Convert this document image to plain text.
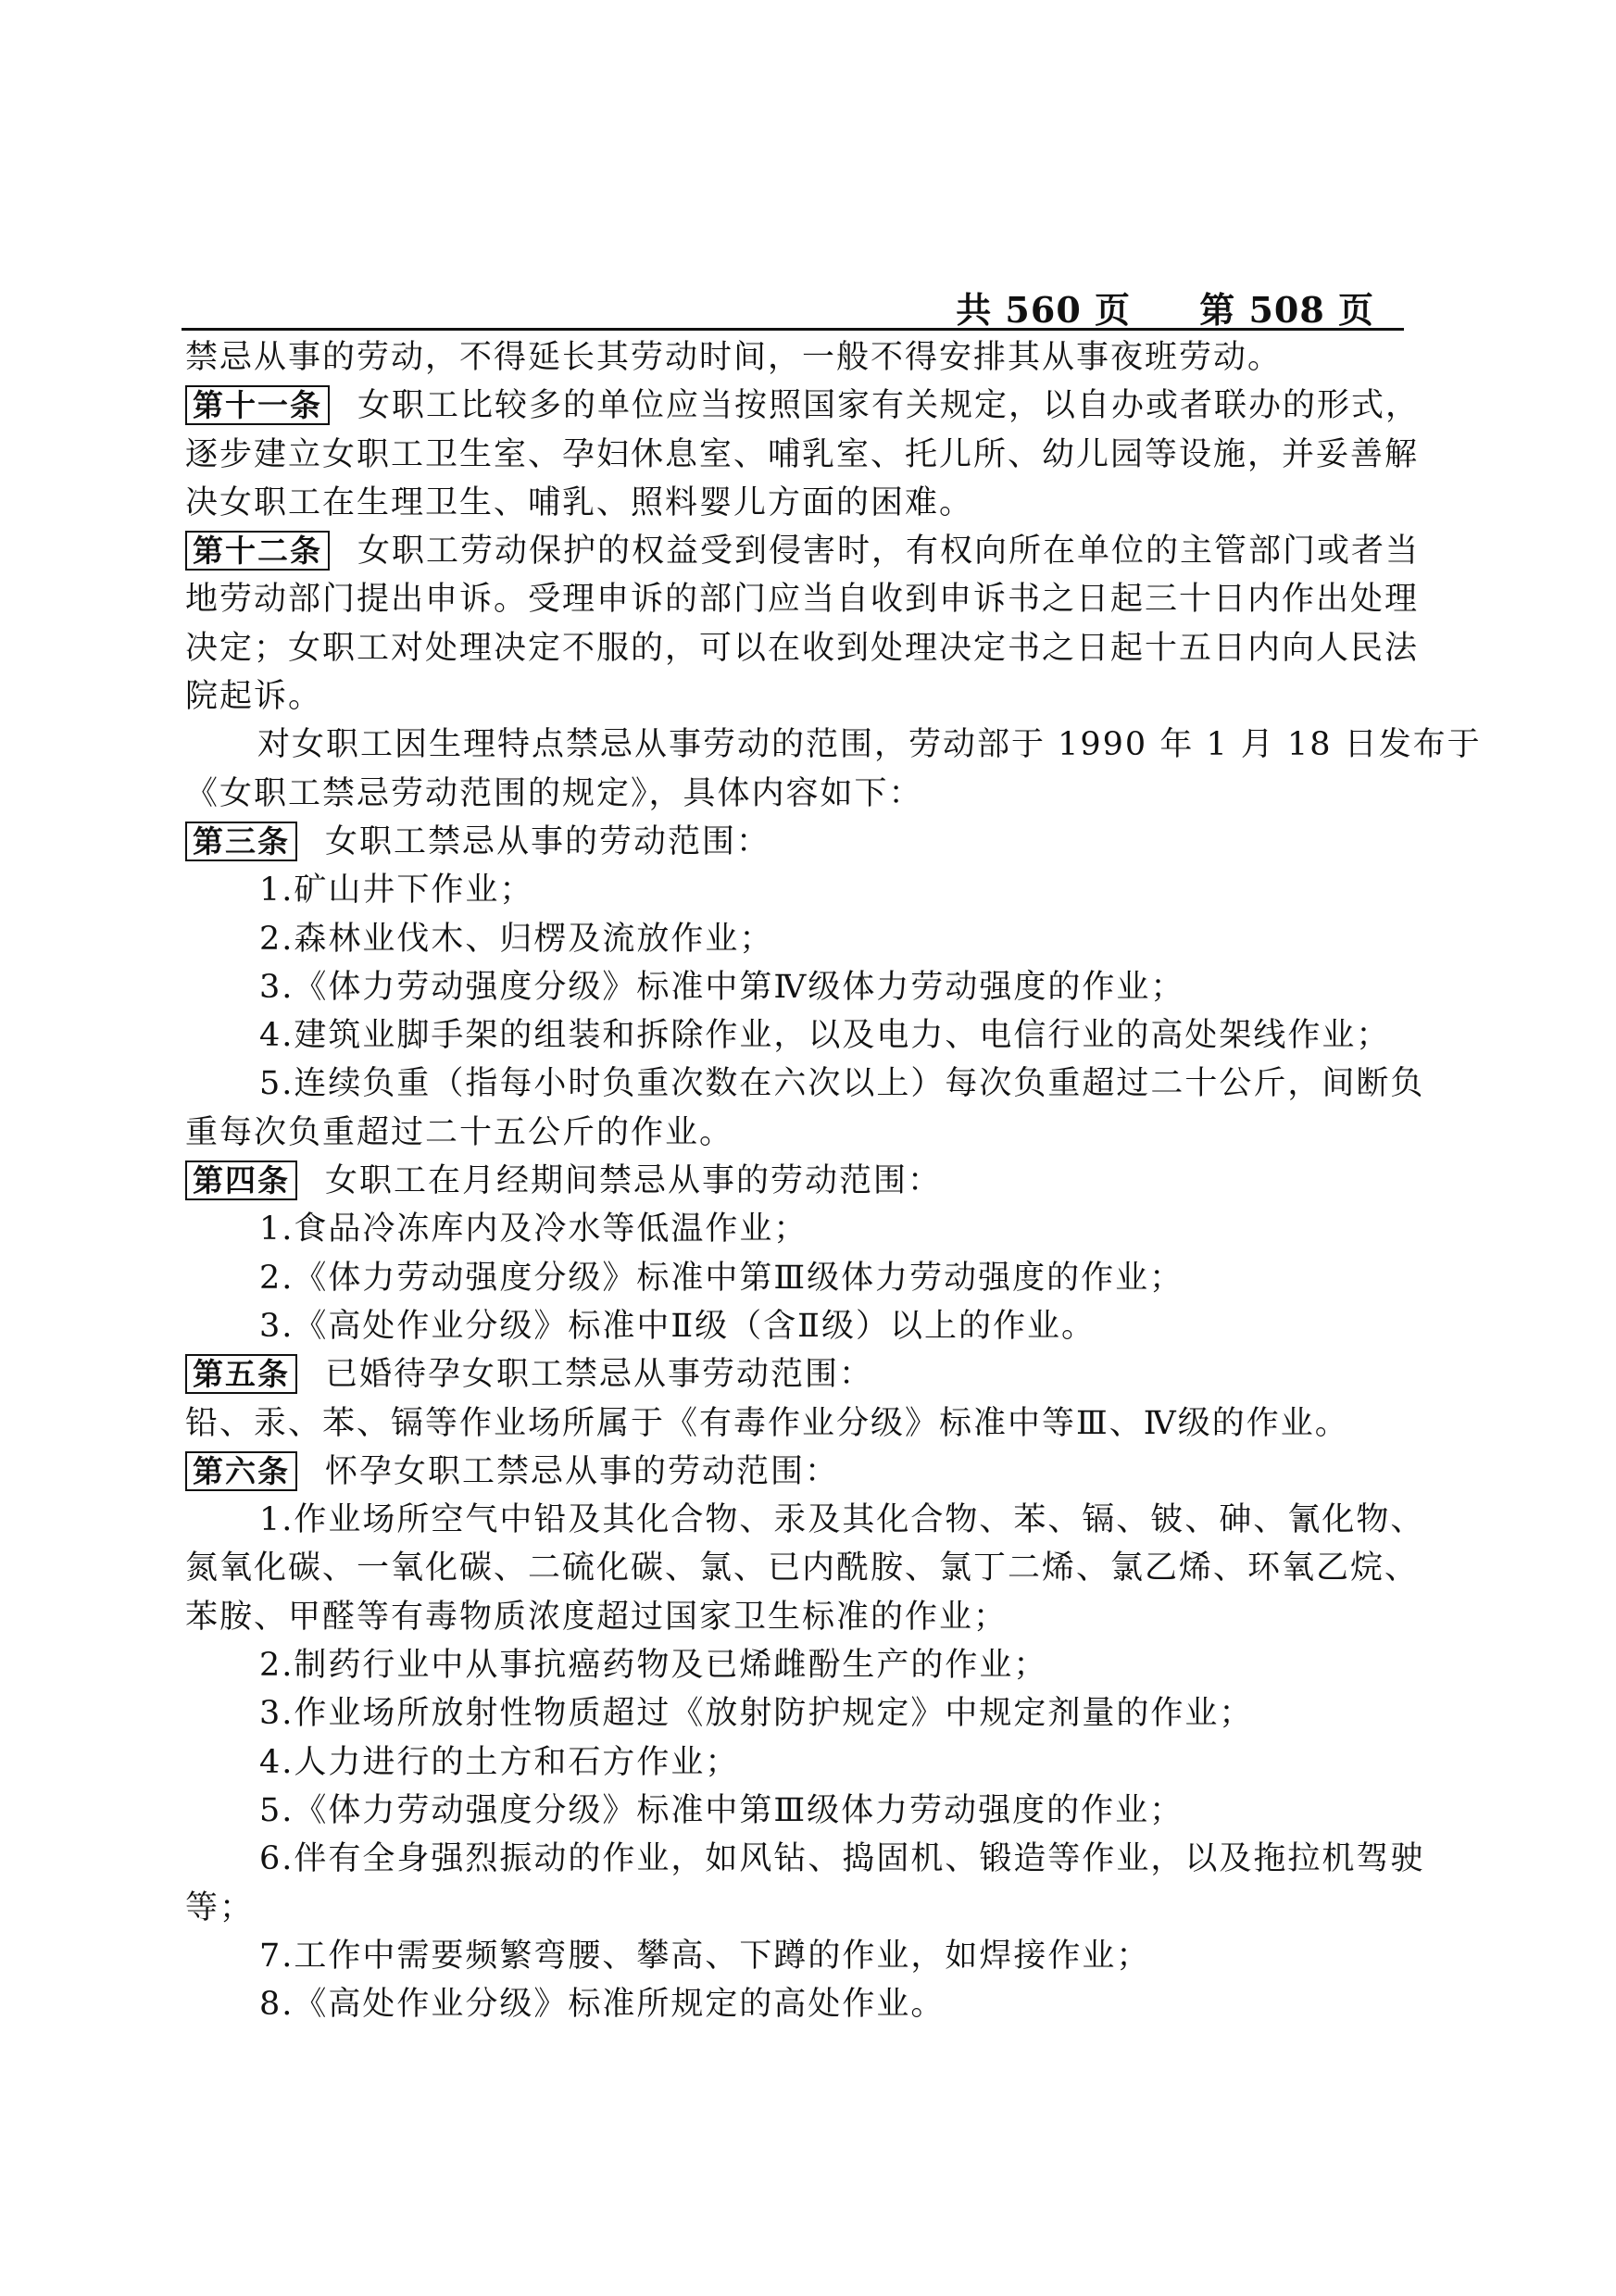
共 560 页 第 508 页
禁忌从事的劳动，不得延长其劳动时间，一般不得安排其从事夜班劳动。
第十一条 女职工比较多的单位应当按照国家有关规定，以自办或者联办的形式，
逐步建立女职工卫生室、孕妇休息室、哺乳室、托儿所、幼儿园等设施，并妥善解
决女职工在生理卫生、哺乳、照料婴儿方面的困难。
第十二条 女职工劳动保护的权益受到侵害时，有权向所在单位的主管部门或者当
地劳动部门提出申诉。受理申诉的部门应当自收到申诉书之日起三十日内作出处理
决定；女职工对处理决定不服的，可以在收到处理决定书之日起十五日内向人民法
院起诉。
对女职工因生理特点禁忌从事劳动的范围，劳动部于 1990 年 1 月 18 日发布于
《女职工禁忌劳动范围的规定》，具体内容如下：
第三条 女职工禁忌从事的劳动范围：
1.矿山井下作业；
2.森林业伐木、归楞及流放作业；
3.《体力劳动强度分级》标准中第Ⅳ级体力劳动强度的作业；
4.建筑业脚手架的组装和拆除作业，以及电力、电信行业的高处架线作业；
5.连续负重（指每小时负重次数在六次以上）每次负重超过二十公斤，间断负
重每次负重超过二十五公斤的作业。
第四条 女职工在月经期间禁忌从事的劳动范围：
1.食品冷冻库内及冷水等低温作业；
2.《体力劳动强度分级》标准中第Ⅲ级体力劳动强度的作业；
3.《高处作业分级》标准中Ⅱ级（含Ⅱ级）以上的作业。
第五条 已婚待孕女职工禁忌从事劳动范围：
铅、汞、苯、镉等作业场所属于《有毒作业分级》标准中等Ⅲ、Ⅳ级的作业。
第六条 怀孕女职工禁忌从事的劳动范围：
1.作业场所空气中铅及其化合物、汞及其化合物、苯、镉、铍、砷、氰化物、
氮氧化碳、一氧化碳、二硫化碳、氯、已内酰胺、氯丁二烯、氯乙烯、环氧乙烷、
苯胺、甲醛等有毒物质浓度超过国家卫生标准的作业；
2.制药行业中从事抗癌药物及已烯雌酚生产的作业；
3.作业场所放射性物质超过《放射防护规定》中规定剂量的作业；
4.人力进行的土方和石方作业；
5.《体力劳动强度分级》标准中第Ⅲ级体力劳动强度的作业；
6.伴有全身强烈振动的作业，如风钻、捣固机、锻造等作业，以及拖拉机驾驶
等；
7.工作中需要频繁弯腰、攀高、下蹲的作业，如焊接作业；
8.《高处作业分级》标准所规定的高处作业。
